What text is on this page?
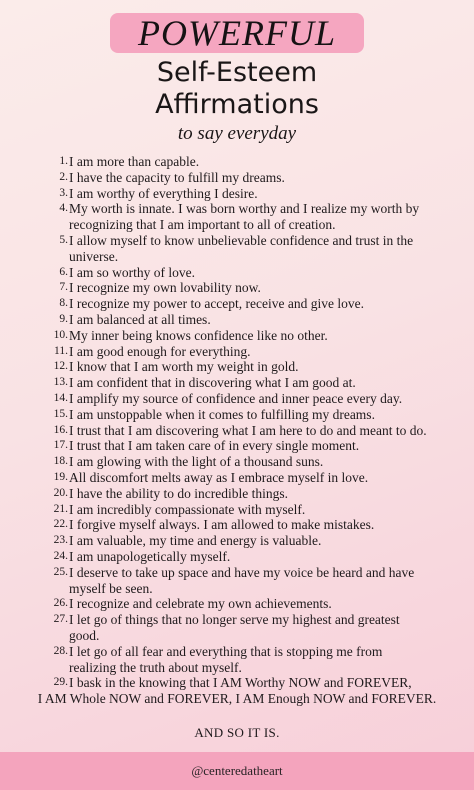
POWERFUL
Self-Esteem
Affirmations
to say everyday
1. I am more than capable.
2. I have the capacity to fulfill my dreams.
3. I am worthy of everything I desire.
4. My worth is innate. I was born worthy and I realize my worth by
recognizing that I am important to all of creation.
5. I allow myself to know unbelievable confidence and trust in the
universe.
6. I am so worthy of love.
7. I recognize my own lovability now.
8. I recognize my power to accept, receive and give love.
9. I am balanced at all times.
10. My inner being knows confidence like no other.
11. I am good enough for everything.
12. I know that I am worth my weight in gold.
13. I am confident that in discovering what I am good at.
14. I amplify my source of confidence and inner peace every day.
15. I am unstoppable when it comes to fulfilling my dreams.
16. I trust that I am discovering what I am here to do and meant to do.
17. I trust that I am taken care of in every single moment.
18. I am glowing with the light of a thousand suns.
19. All discomfort melts away as I embrace myself in love.
20. I have the ability to do incredible things.
21. I am incredibly compassionate with myself.
22. I forgive myself always. I am allowed to make mistakes.
23. I am valuable, my time and energy is valuable.
24. I am unapologetically myself.
25. I deserve to take up space and have my voice be heard and have
myself be seen.
26. I recognize and celebrate my own achievements.
27. I let go of things that no longer serve my highest and greatest
good.
28. I let go of all fear and everything that is stopping me from
realizing the truth about myself.
29. I bask in the knowing that I AM Worthy NOW and FOREVER,
I AM Whole NOW and FOREVER, I AM Enough NOW and FOREVER.
AND SO IT IS.
@centeredatheart
